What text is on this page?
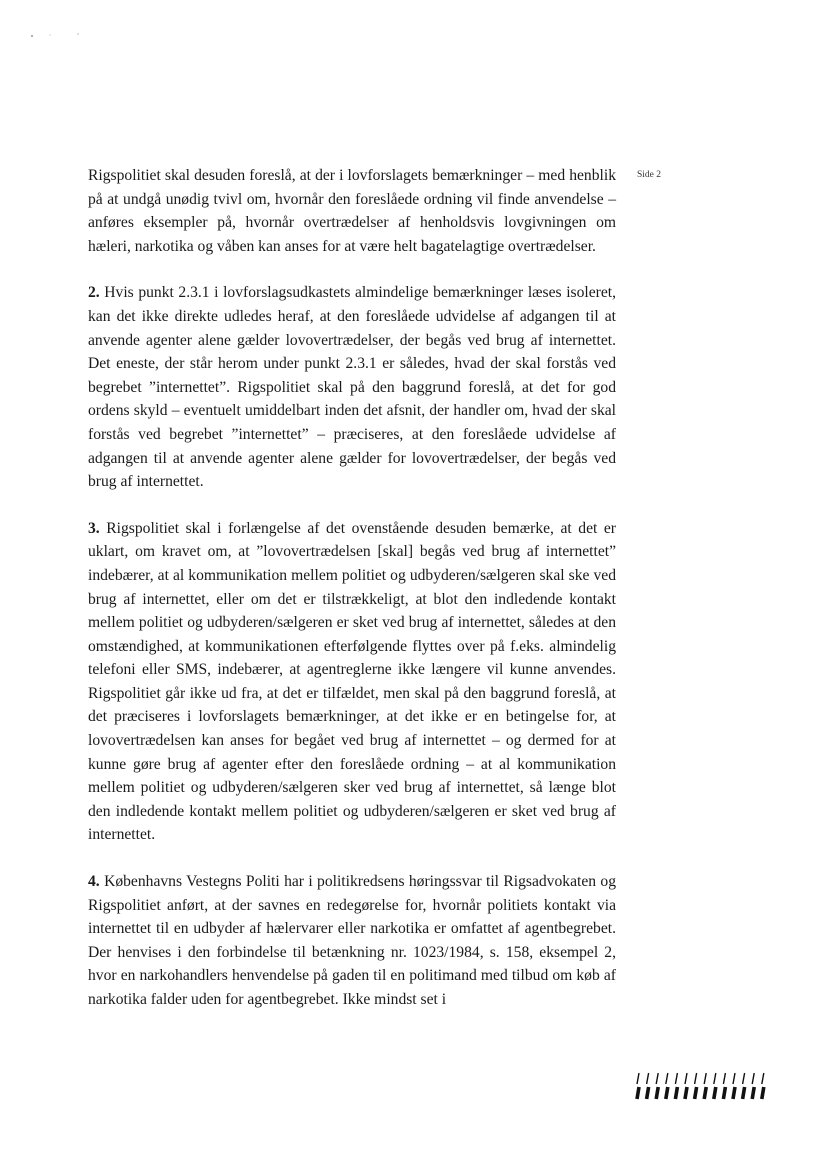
Rigspolitiet skal desuden foreslå, at der i lovforslagets bemærkninger – med henblik på at undgå unødig tvivl om, hvornår den foreslåede ordning vil finde anvendelse – anføres eksempler på, hvornår overtrædelser af henholdsvis lovgivningen om hæleri, narkotika og våben kan anses for at være helt bagatelagtige overtrædelser.

2. Hvis punkt 2.3.1 i lovforslagsudkastets almindelige bemærkninger læses isoleret, kan det ikke direkte udledes heraf, at den foreslåede udvidelse af adgangen til at anvende agenter alene gælder lovovertrædelser, der begås ved brug af internettet. Det eneste, der står herom under punkt 2.3.1 er således, hvad der skal forstås ved begrebet ”internettet”. Rigspolitiet skal på den baggrund foreslå, at det for god ordens skyld – eventuelt umiddelbart inden det afsnit, der handler om, hvad der skal forstås ved begrebet ”internettet” – præciseres, at den foreslåede udvidelse af adgangen til at anvende agenter alene gælder for lovovertrædelser, der begås ved brug af internettet.

3. Rigspolitiet skal i forlængelse af det ovenstående desuden bemærke, at det er uklart, om kravet om, at ”lovovertrædelsen [skal] begås ved brug af internettet” indebærer, at al kommunikation mellem politiet og udbyderen/sælgeren skal ske ved brug af internettet, eller om det er tilstrækkeligt, at blot den indledende kontakt mellem politiet og udbyderen/sælgeren er sket ved brug af internettet, således at den omstændighed, at kommunikationen efterfølgende flyttes over på f.eks. almindelig telefoni eller SMS, indebærer, at agentreglerne ikke længere vil kunne anvendes. Rigspolitiet går ikke ud fra, at det er tilfældet, men skal på den baggrund foreslå, at det præciseres i lovforslagets bemærkninger, at det ikke er en betingelse for, at lovovertrædelsen kan anses for begået ved brug af internettet – og dermed for at kunne gøre brug af agenter efter den foreslåede ordning – at al kommunikation mellem politiet og udbyderen/sælgeren sker ved brug af internettet, så længe blot den indledende kontakt mellem politiet og udbyderen/sælgeren er sket ved brug af internettet.

4. Københavns Vestegns Politi har i politikredsens høringssvar til Rigsadvokaten og Rigspolitiet anført, at der savnes en redegørelse for, hvornår politiets kontakt via internettet til en udbyder af hælervarer eller narkotika er omfattet af agentbegrebet. Der henvises i den forbindelse til betænkning nr. 1023/1984, s. 158, eksempel 2, hvor en narkohandlers henvendelse på gaden til en politimand med tilbud om køb af narkotika falder uden for agentbegrebet. Ikke mindst set i

Side 2
